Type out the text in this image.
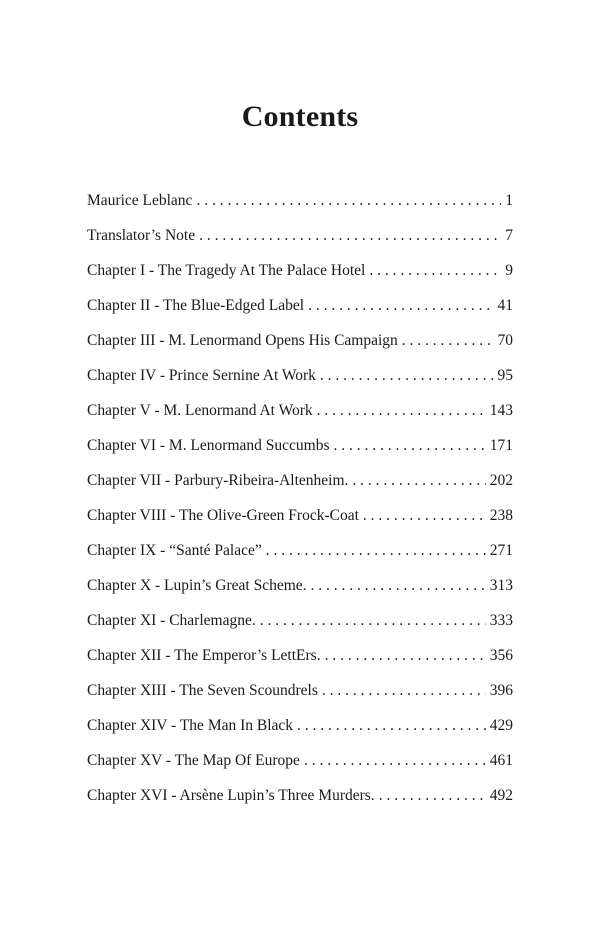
Contents
Maurice Leblanc . . .	1
Translator’s Note . . .	7
Chapter I - The Tragedy At The Palace Hotel . . .	9
Chapter II - The Blue-Edged Label . . .	41
Chapter III - M. Lenormand Opens His Campaign . . .	70
Chapter IV - Prince Sernine At Work . . .	95
Chapter V - M. Lenormand At Work . . .	143
Chapter VI - M. Lenormand Succumbs . . .	171
Chapter VII - Parbury-Ribeira-Altenheim. . . .	202
Chapter VIII - The Olive-Green Frock-Coat . . .	238
Chapter IX - “Santé Palace” . . .	271
Chapter X - Lupin’s Great Scheme. . . .	313
Chapter XI - Charlemagne. . . .	333
Chapter XII - The Emperor’s LettErs. . . .	356
Chapter XIII - The Seven Scoundrels . . .	396
Chapter XIV - The Man In Black . . .	429
Chapter XV - The Map Of Europe . . .	461
Chapter XVI - Arsène Lupin’s Three Murders. . . .	492
